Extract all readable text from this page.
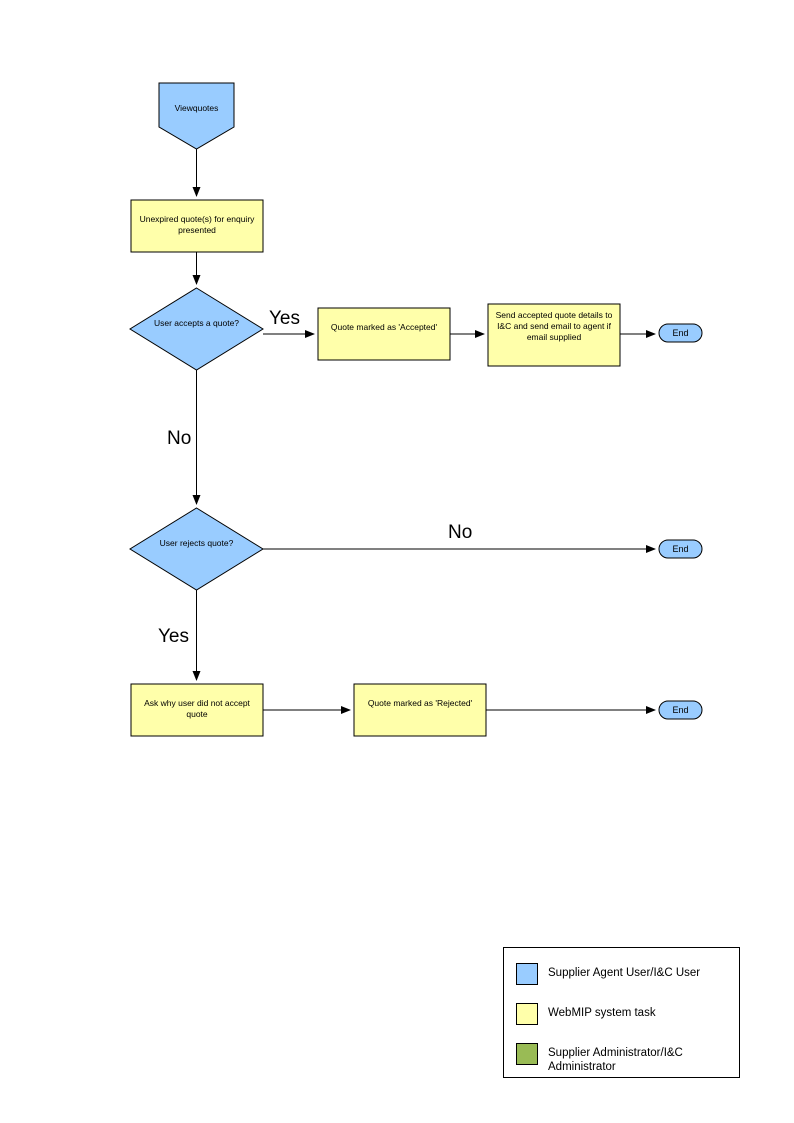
Viewquotes
Unexpired quote(s) for enquiry presented
User accepts a quote?	Quote marked as 'Accepted'
Send accepted quote details to I&C and send email to agent if email supplied	End
User rejects quote?
End
Ask why user did not accept quote
Quote marked as 'Rejected'
End
Yes
No
No
Yes
Supplier Agent User/I&C User
WebMIP system task
Supplier Administrator/I&C Administrator
